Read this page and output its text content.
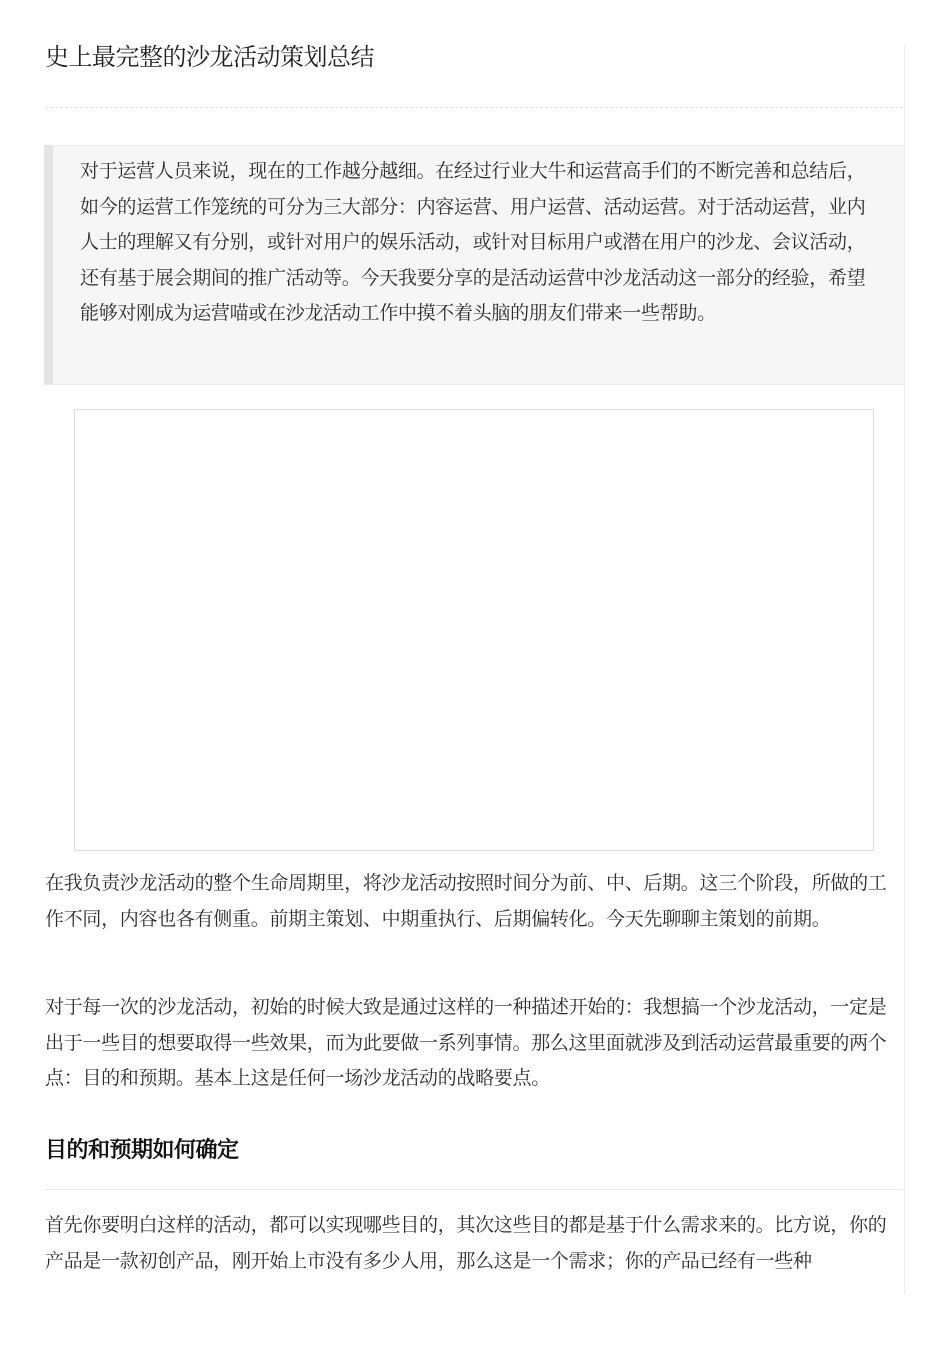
史上最完整的沙龙活动策划总结

对于运营人员来说，现在的工作越分越细。在经过行业大牛和运营高手们的不断完善和总结后，如今的运营工作笼统的可分为三大部分：内容运营、用户运营、活动运营。对于活动运营，业内人士的理解又有分别，或针对用户的娱乐活动，或针对目标用户或潜在用户的沙龙、会议活动，还有基于展会期间的推广活动等。今天我要分享的是活动运营中沙龙活动这一部分的经验，希望能够对刚成为运营喵或在沙龙活动工作中摸不着头脑的朋友们带来一些帮助。

在我负责沙龙活动的整个生命周期里，将沙龙活动按照时间分为前、中、后期。这三个阶段，所做的工作不同，内容也各有侧重。前期主策划、中期重执行、后期偏转化。今天先聊聊主策划的前期。

对于每一次的沙龙活动，初始的时候大致是通过这样的一种描述开始的：我想搞一个沙龙活动，一定是出于一些目的想要取得一些效果，而为此要做一系列事情。那么这里面就涉及到活动运营最重要的两个点：目的和预期。基本上这是任何一场沙龙活动的战略要点。

目的和预期如何确定

首先你要明白这样的活动，都可以实现哪些目的，其次这些目的都是基于什么需求来的。比方说，你的产品是一款初创产品，刚开始上市没有多少人用，那么这是一个需求；你的产品已经有一些种
